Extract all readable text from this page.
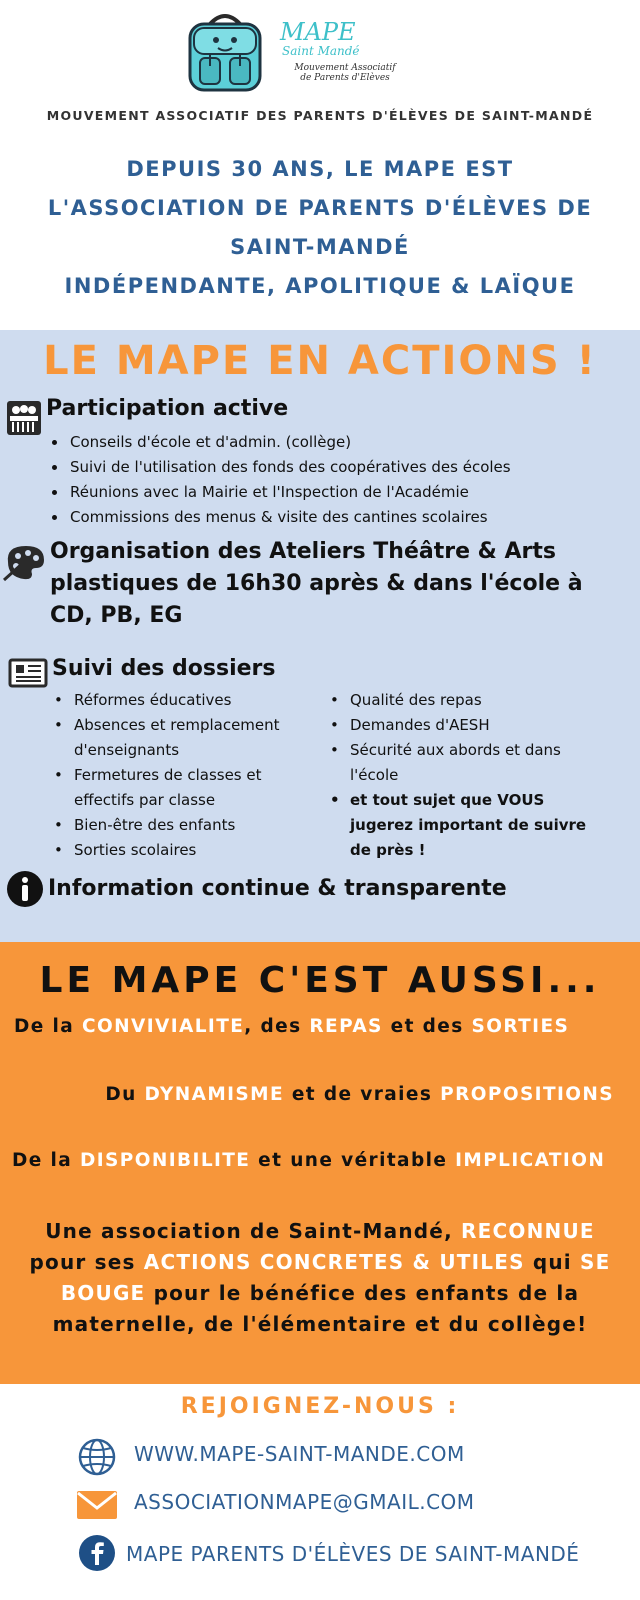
MAPE
Saint Mandé
Mouvement Associatif
de Parents d'Elèves
MOUVEMENT ASSOCIATIF DES PARENTS D'ÉLÈVES DE SAINT-MANDÉ
DEPUIS 30 ANS, LE MAPE EST
L'ASSOCIATION DE PARENTS D'ÉLÈVES DE
SAINT-MANDÉ
INDÉPENDANTE, APOLITIQUE & LAÏQUE
LE MAPE EN ACTIONS !
Participation active
• Conseils d'école et d'admin. (collège)
• Suivi de l'utilisation des fonds des coopératives des écoles
• Réunions avec la Mairie et l'Inspection de l'Académie
• Commissions des menus & visite des cantines scolaires
Organisation des Ateliers Théâtre & Arts
plastiques de 16h30 après & dans l'école à
CD, PB, EG
Suivi des dossiers
• Réformes éducatives
• Absences et remplacement
d'enseignants
• Fermetures de classes et
effectifs par classe
• Bien-être des enfants
• Sorties scolaires
• Qualité des repas
• Demandes d'AESH
• Sécurité aux abords et dans
l'école
• et tout sujet que VOUS
jugerez important de suivre
de près !
Information continue & transparente
LE MAPE C'EST AUSSI...
De la CONVIVIALITE, des REPAS et des SORTIES
Du DYNAMISME et de vraies PROPOSITIONS
De la DISPONIBILITE et une véritable IMPLICATION
Une association de Saint-Mandé, RECONNUE
pour ses ACTIONS CONCRETES & UTILES qui SE
BOUGE pour le bénéfice des enfants de la
maternelle, de l'élémentaire et du collège!
REJOIGNEZ-NOUS :
WWW.MAPE-SAINT-MANDE.COM
ASSOCIATIONMAPE@GMAIL.COM
MAPE PARENTS D'ÉLÈVES DE SAINT-MANDÉ
